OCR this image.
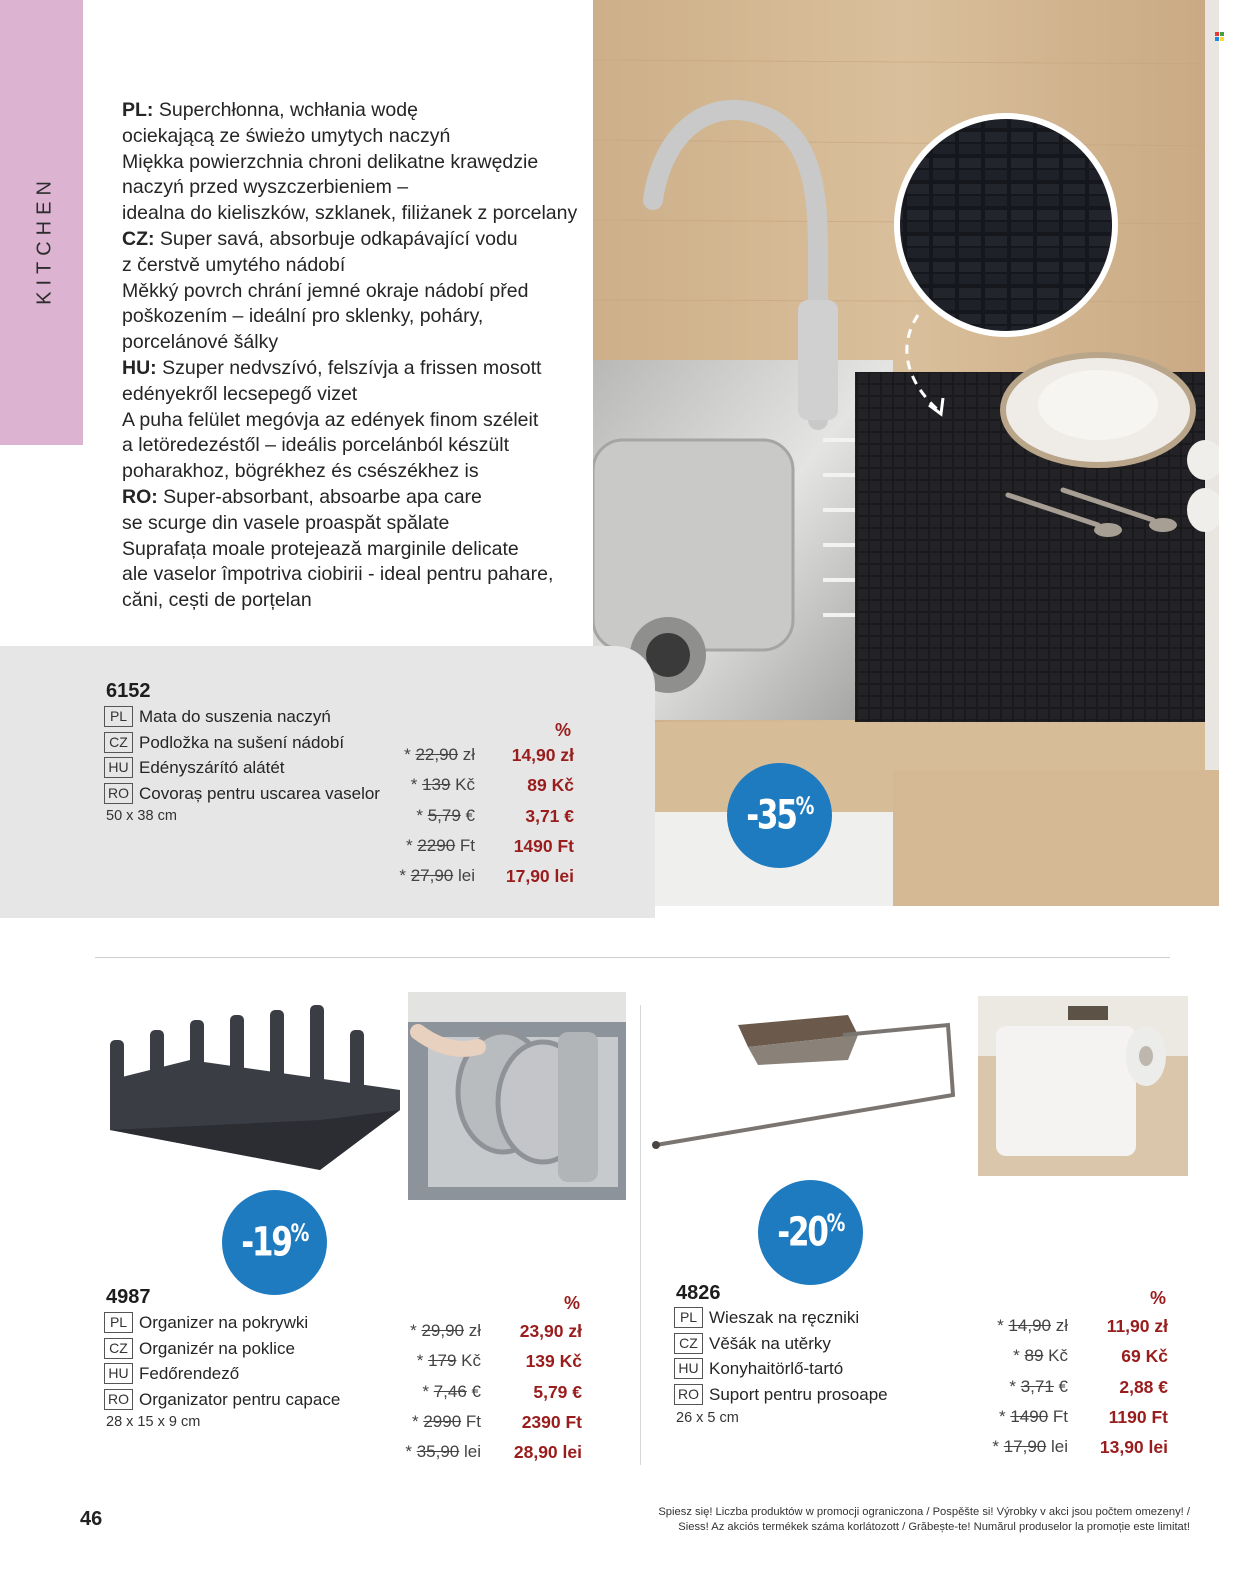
KITCHEN
PL: Superchłonna, wchłania wodę
ociekającą ze świeżo umytych naczyń
Miękka powierzchnia chroni delikatne krawędzie
naczyń przed wyszczerbieniem –
idealna do kieliszków, szklanek, filiżanek z porcelany
CZ: Super savá, absorbuje odkapávající vodu
z čerstvě umytého nádobí
Měkký povrch chrání jemné okraje nádobí před
poškozením – ideální pro sklenky, poháry,
porcelánové šálky
HU: Szuper nedvszívó, felszívja a frissen mosott
edényekről lecsepegő vizet
A puha felület megóvja az edények finom széleit
a letöredezéstől – ideális porcelánból készült
poharakhoz, bögrékhez és csészékhez is
RO: Super-absorbant, absoarbe apa care
se scurge din vasele proaspăt spălate
Suprafața moale protejează marginile delicate
ale vaselor împotriva ciobirii - ideal pentru pahare,
căni, cești de porțelan
6152
PL Mata do suszenia naczyń
CZ Podložka na sušení nádobí
HU Edényszárító alátét
RO Covoraș pentru uscarea vaselor
50 x 38 cm
%
* 22,90 zł
* 139 Kč
* 5,79 €
* 2290 Ft
* 27,90 lei
14,90 zł
89 Kč
3,71 €
1490 Ft
17,90 lei
-35%
-19%
4987
PL Organizer na pokrywki
CZ Organizér na poklice
HU Fedőrendező
RO Organizator pentru capace
28 x 15 x 9 cm
%
* 29,90 zł
* 179 Kč
* 7,46 €
* 2990 Ft
* 35,90 lei
23,90 zł
139 Kč
5,79 €
2390 Ft
28,90 lei
-20%
4826
PL Wieszak na ręczniki
CZ Věšák na utěrky
HU Konyhaitörlő-tartó
RO Suport pentru prosoape
26 x 5 cm
%
* 14,90 zł
* 89 Kč
* 3,71 €
* 1490 Ft
* 17,90 lei
11,90 zł
69 Kč
2,88 €
1190 Ft
13,90 lei
46	Spiesz się! Liczba produktów w promocji ograniczona / Pospěšte si! Výrobky v akci jsou počtem omezeny! /
Siess! Az akciós termékek száma korlátozott / Grăbește-te! Numărul produselor la promoție este limitat!
